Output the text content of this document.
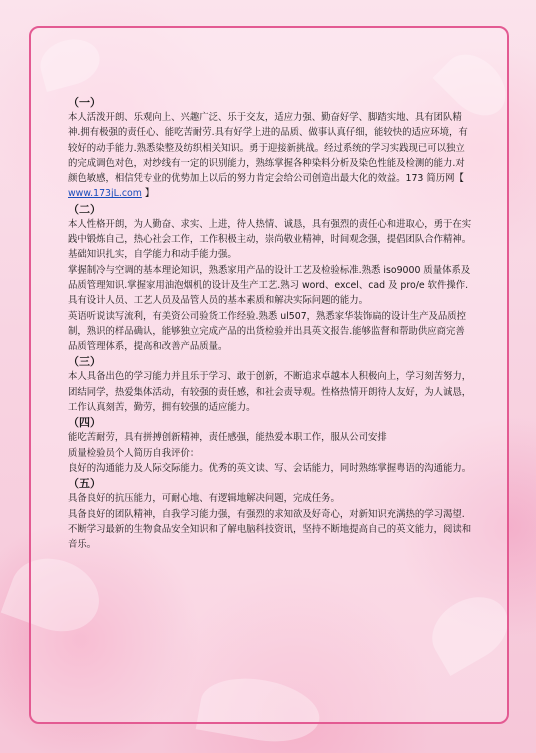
（一）

本人活泼开朗、乐观向上、兴趣广泛、乐于交友，适应力强、勤奋好学、脚踏实地、具有团队精神.拥有极强的责任心、能吃苦耐劳.具有好学上进的品质、做事认真仔细，能较快的适应环境，有较好的动手能力.熟悉染整及纺织相关知识。勇于迎接新挑战。经过系统的学习实践现已可以独立的完成调色对色，对纱线有一定的识别能力，熟练掌握各种染料分析及染色性能及检测的能力.对颜色敏感，相信凭专业的优势加上以后的努力肯定会给公司创造出最大化的效益。173 简历网【 www.173jL.com 】

（二）

本人性格开朗，为人勤奋、求实、上进，待人热情、诚恳，具有强烈的责任心和进取心，勇于在实践中锻炼自己，热心社会工作，工作积极主动，崇尚敬业精神，时间观念强，提倡团队合作精神。基础知识扎实，自学能力和动手能力强。

掌握制冷与空调的基本理论知识，熟悉家用产品的设计工艺及检验标准.熟悉 iso9000 质量体系及品质管理知识.掌握家用油泡烟机的设计及生产工艺.熟习 word、excel、cad 及 pro/e 软件操作.具有设计人员、工艺人员及品管人员的基本素质和解决实际问题的能力。

英语听说读写流利，有美资公司验货工作经验.熟悉 ul507，熟悉家华装饰扁的设计生产及品质控制，熟识的样品确认，能够独立完成产品的出货检验并出具英文报告.能够监督和帮助供应商完善品质管理体系，提高和改善产品质量。

（三）

本人具备出色的学习能力并且乐于学习、敢于创新，不断追求卓越本人积极向上，学习刻苦努力，团结同学，热爱集体活动，有较强的责任感，和社会责导观。性格热情开朗待人友好，为人诚恳，工作认真刻苦，勤劳，拥有较强的适应能力。

（四）

能吃苦耐劳，具有拼搏创新精神，责任感强，能热爱本职工作，服从公司安排

质量检验员个人简历自我评价：

良好的沟通能力及人际交际能力。优秀的英文读、写、会话能力，同时熟练掌握粤语的沟通能力。

（五）

具备良好的抗压能力，可耐心地、有逻辑地解决问题，完成任务。

具备良好的团队精神，自我学习能力强，有强烈的求知欲及好奇心，对新知识充满热的学习渴望.不断学习最新的生物食品安全知识和了解电脑科技资讯，坚持不断地提高自己的英文能力，阅读和音乐。
